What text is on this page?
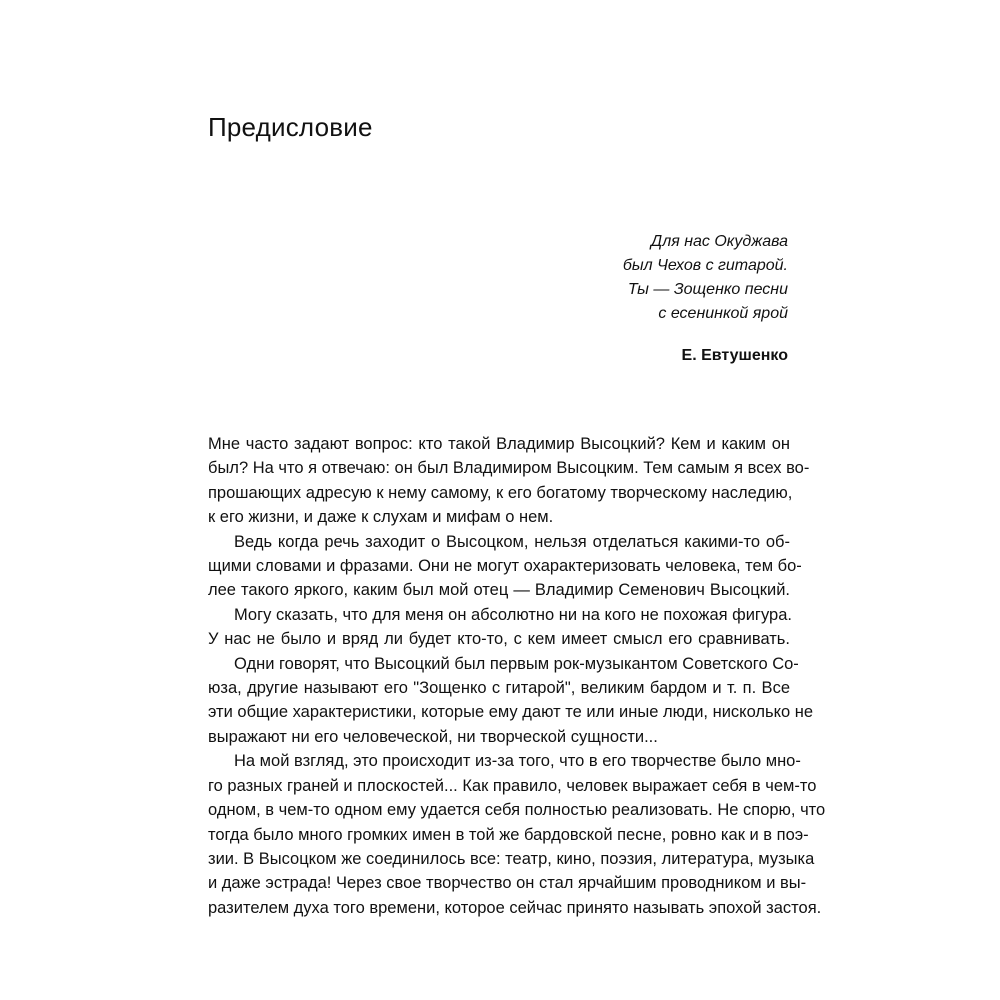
Предисловие
Для нас Окуджава
был Чехов с гитарой.
Ты — Зощенко песни
с есенинкой ярой
Е. Евтушенко

Мне часто задают вопрос: кто такой Владимир Высоцкий? Кем и каким он
был? На что я отвечаю: он был Владимиром Высоцким. Тем самым я всех во-
прошающих адресую к нему самому, к его богатому творческому наследию,
к его жизни, и даже к слухам и мифам о нем.

Ведь когда речь заходит о Высоцком, нельзя отделаться какими-то об-
щими словами и фразами. Они не могут охарактеризовать человека, тем бо-
лее такого яркого, каким был мой отец — Владимир Семенович Высоцкий.

Могу сказать, что для меня он абсолютно ни на кого не похожая фигура.
У нас не было и вряд ли будет кто-то, с кем имеет смысл его сравнивать.

Одни говорят, что Высоцкий был первым рок-музыкантом Советского Со-
юза, другие называют его "Зощенко с гитарой", великим бардом и т. п. Все
эти общие характеристики, которые ему дают те или иные люди, нисколько не
выражают ни его человеческой, ни творческой сущности...

На мой взгляд, это происходит из-за того, что в его творчестве было мно-
го разных граней и плоскостей... Как правило, человек выражает себя в чем-то
одном, в чем-то одном ему удается себя полностью реализовать. Не спорю, что
тогда было много громких имен в той же бардовской песне, ровно как и в поэ-
зии. В Высоцком же соединилось все: театр, кино, поэзия, литература, музыка
и даже эстрада! Через свое творчество он стал ярчайшим проводником и вы-
разителем духа того времени, которое сейчас принято называть эпохой застоя.
